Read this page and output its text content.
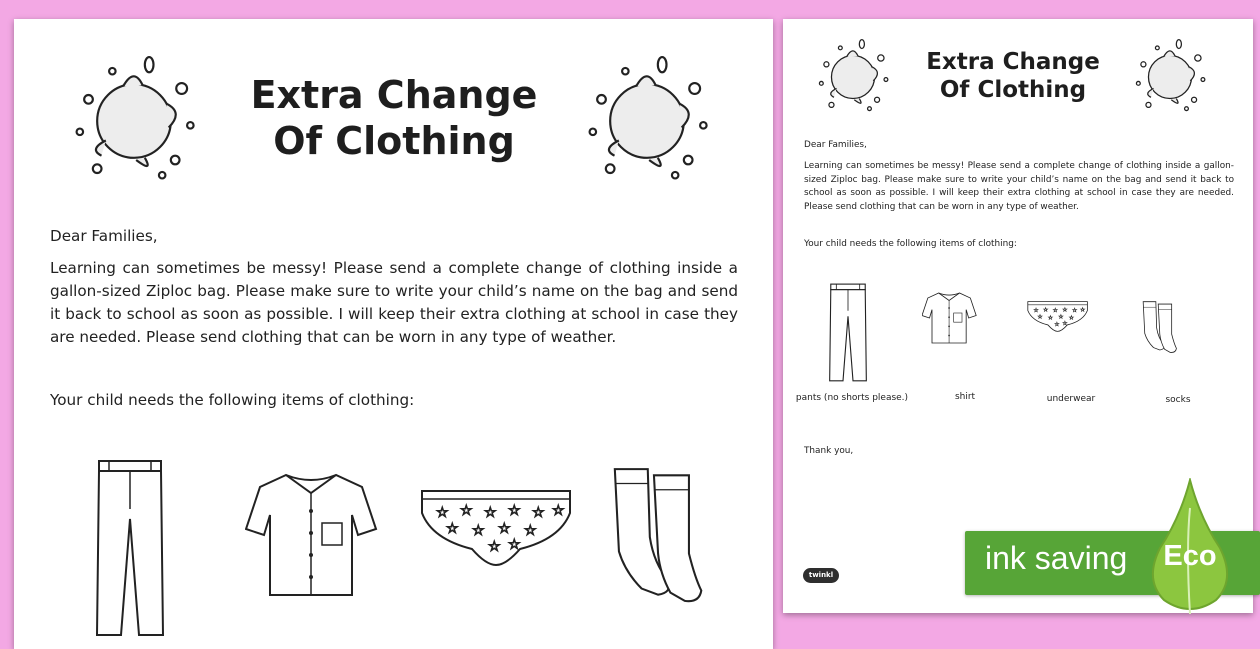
Extra Change
Of Clothing
Dear Families,
Learning can sometimes be messy! Please send a complete change of clothing inside a gallon-sized Ziploc bag. Please make sure to write your child’s name on the bag and send it back to school as soon as possible. I will keep their extra clothing at school in case they are needed. Please send clothing that can be worn in any type of weather.
Your child needs the following items of clothing:
Extra Change
Of Clothing
Dear Families,
Learning can sometimes be messy! Please send a complete change of clothing inside a gallon-sized Ziploc bag. Please make sure to write your child’s name on the bag and send it back to school as soon as possible. I will keep their extra clothing at school in case they are needed. Please send clothing that can be worn in any type of weather.
Your child needs the following items of clothing:
pants (no shorts please.)	shirt	underwear	socks
Thank you,
twinkl	ink saving Eco
